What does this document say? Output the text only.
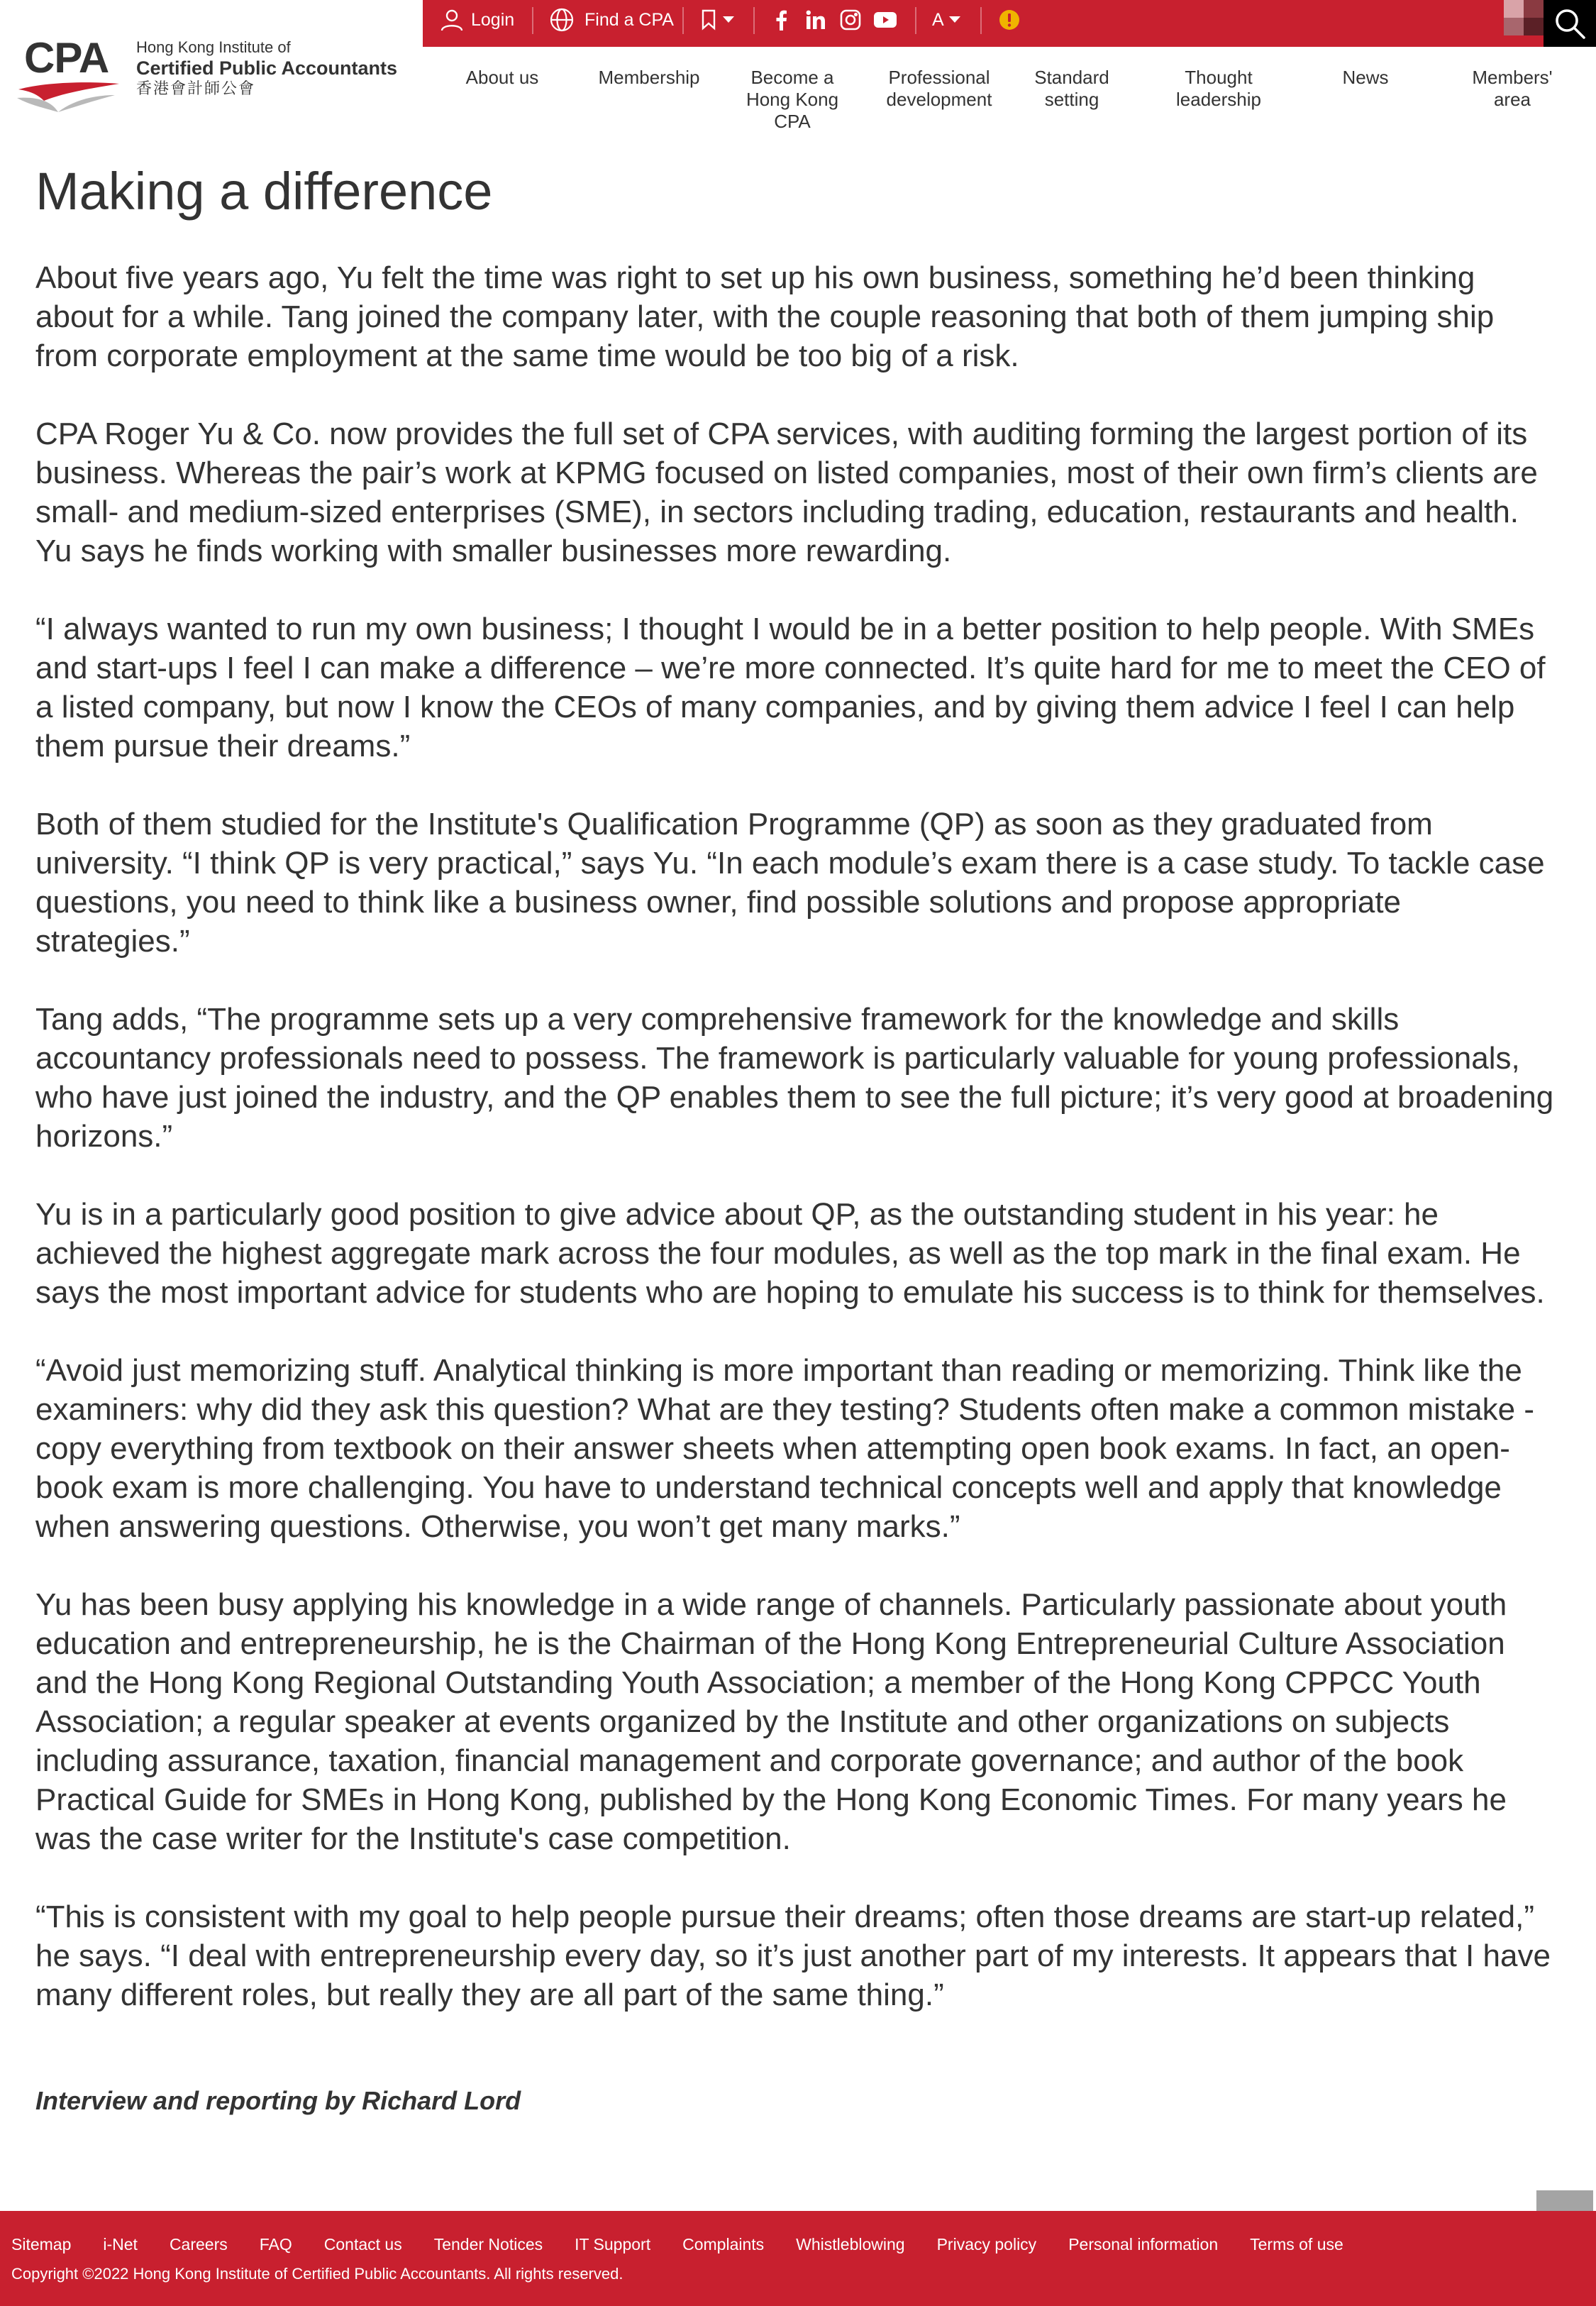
CPA Hong Kong Institute of
Certified Public Accountants
香港會計師公會
Login	Find a CPA	A
About us	Membership	Become a Hong Kong CPA
Professional development
Standard setting
Thought leadership
News	Members' area
Making a difference

About five years ago, Yu felt the time was right to set up his own business, something he’d been thinking about for a while. Tang joined the company later, with the couple reasoning that both of them jumping ship from corporate employment at the same time would be too big of a risk.

CPA Roger Yu & Co. now provides the full set of CPA services, with auditing forming the largest portion of its business. Whereas the pair’s work at KPMG focused on listed companies, most of their own firm’s clients are small- and medium-sized enterprises (SME), in sectors including trading, education, restaurants and health. Yu says he finds working with smaller businesses more rewarding.

“I always wanted to run my own business; I thought I would be in a better position to help people. With SMEs and start-ups I feel I can make a difference – we’re more connected. It’s quite hard for me to meet the CEO of a listed company, but now I know the CEOs of many companies, and by giving them advice I feel I can help them pursue their dreams.”

Both of them studied for the Institute's Qualification Programme (QP) as soon as they graduated from university. “I think QP is very practical,” says Yu. “In each module’s exam there is a case study. To tackle case questions, you need to think like a business owner, find possible solutions and propose appropriate strategies.”

Tang adds, “The programme sets up a very comprehensive framework for the knowledge and skills accountancy professionals need to possess. The framework is particularly valuable for young professionals, who have just joined the industry, and the QP enables them to see the full picture; it’s very good at broadening horizons.”

Yu is in a particularly good position to give advice about QP, as the outstanding student in his year: he achieved the highest aggregate mark across the four modules, as well as the top mark in the final exam. He says the most important advice for students who are hoping to emulate his success is to think for themselves.

“Avoid just memorizing stuff. Analytical thinking is more important than reading or memorizing. Think like the examiners: why did they ask this question? What are they testing? Students often make a common mistake - copy everything from textbook on their answer sheets when attempting open book exams. In fact, an open-book exam is more challenging. You have to understand technical concepts well and apply that knowledge when answering questions. Otherwise, you won’t get many marks.”

Yu has been busy applying his knowledge in a wide range of channels. Particularly passionate about youth education and entrepreneurship, he is the Chairman of the Hong Kong Entrepreneurial Culture Association and the Hong Kong Regional Outstanding Youth Association; a member of the Hong Kong CPPCC Youth Association; a regular speaker at events organized by the Institute and other organizations on subjects including assurance, taxation, financial management and corporate governance; and author of the book Practical Guide for SMEs in Hong Kong, published by the Hong Kong Economic Times. For many years he was the case writer for the Institute's case competition.

“This is consistent with my goal to help people pursue their dreams; often those dreams are start-up related,” he says. “I deal with entrepreneurship every day, so it’s just another part of my interests. It appears that I have many different roles, but really they are all part of the same thing.”

Interview and reporting by Richard Lord

Sitemap i-Net Careers FAQ Contact us Tender Notices IT Support Complaints Whistleblowing Privacy policy Personal information Terms of use
Copyright ©2022 Hong Kong Institute of Certified Public Accountants. All rights reserved.
